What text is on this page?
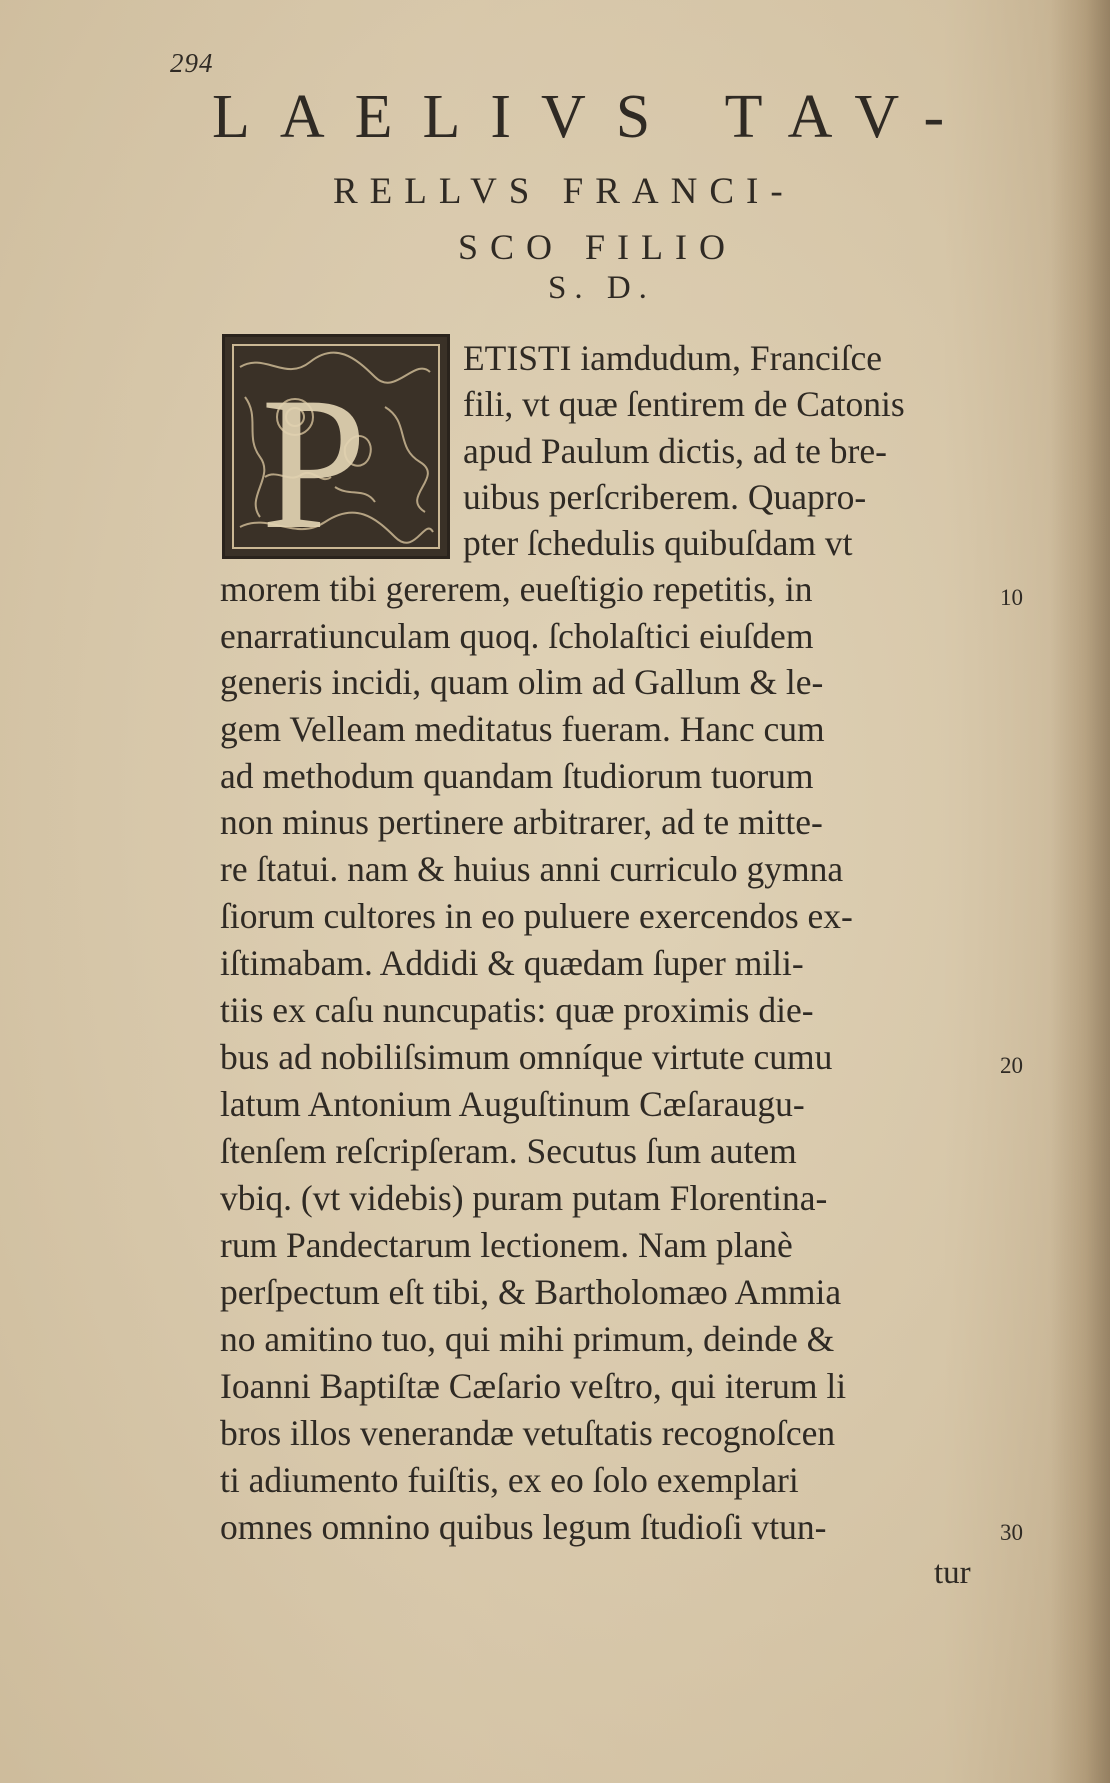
294
LAELIVS TAV-
RELLVS FRANCI-
SCO FILIO
S. D.
P
ETISTI iamdudum, Franciſce
fili, vt quæ ſentirem de Catonis
apud Paulum dictis, ad te bre-
uibus perſcriberem. Quapro-
pter ſchedulis quibuſdam vt
morem tibi gererem, eueſtigio repetitis, in
enarratiunculam quoq. ſcholaſtici eiuſdem
generis incidi, quam olim ad Gallum & le-
gem Velleam meditatus fueram. Hanc cum
ad methodum quandam ſtudiorum tuorum
non minus pertinere arbitrarer, ad te mitte-
re ſtatui. nam & huius anni curriculo gymna
ſiorum cultores in eo puluere exercendos ex-
iſtimabam. Addidi & quædam ſuper mili-
tiis ex caſu nuncupatis: quæ proximis die-
bus ad nobiliſsimum omníque virtute cumu
latum Antonium Auguſtinum Cæſaraugu-
ſtenſem reſcripſeram. Secutus ſum autem
vbiq. (vt videbis) puram putam Florentina-
rum Pandectarum lectionem. Nam planè
perſpectum eſt tibi, & Bartholomæo Ammia
no amitino tuo, qui mihi primum, deinde &
Ioanni Baptiſtæ Cæſario veſtro, qui iterum li
bros illos venerandæ vetuſtatis recognoſcen
ti adiumento fuiſtis, ex eo ſolo exemplari
omnes omnino quibus legum ſtudioſi vtun-
10
20
30
tur
